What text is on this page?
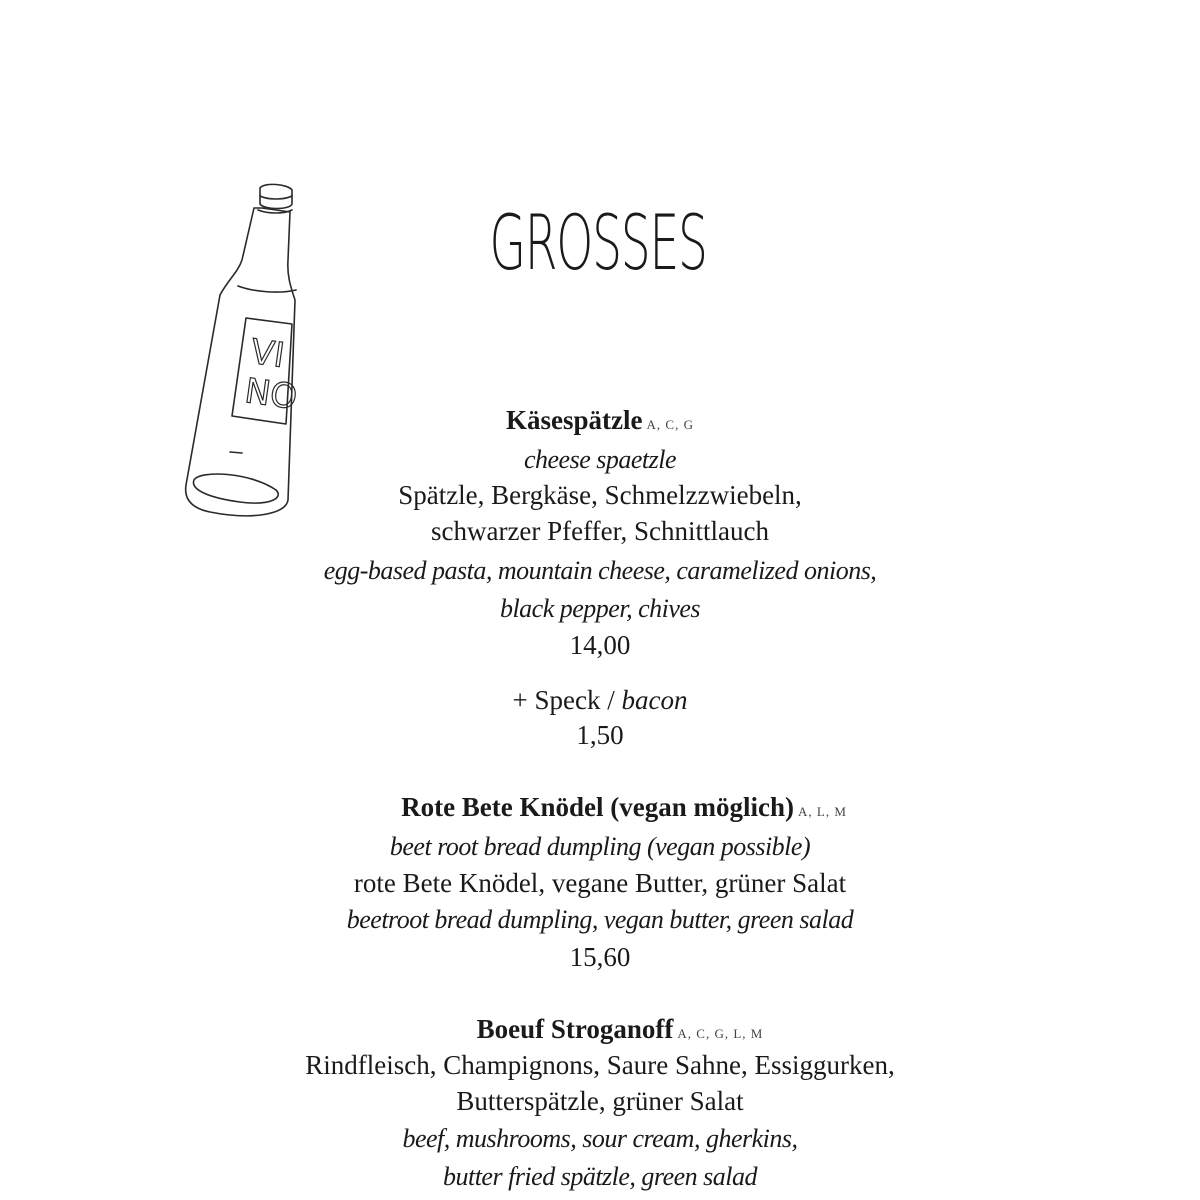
VI
NO
GROSSES
Käsespätzle A, C, G
cheese spaetzle
Spätzle, Bergkäse, Schmelzzwiebeln,
schwarzer Pfeffer, Schnittlauch
egg-based pasta, mountain cheese, caramelized onions,
black pepper, chives
14,00
+ Speck / bacon
1,50
Rote Bete Knödel (vegan möglich) A, L, M
beet root bread dumpling (vegan possible)
rote Bete Knödel, vegane Butter, grüner Salat
beetroot bread dumpling, vegan butter, green salad
15,60
Boeuf Stroganoff A, C, G, L, M
Rindfleisch, Champignons, Saure Sahne, Essiggurken,
Butterspätzle, grüner Salat
beef, mushrooms, sour cream, gherkins,
butter fried spätzle, green salad
